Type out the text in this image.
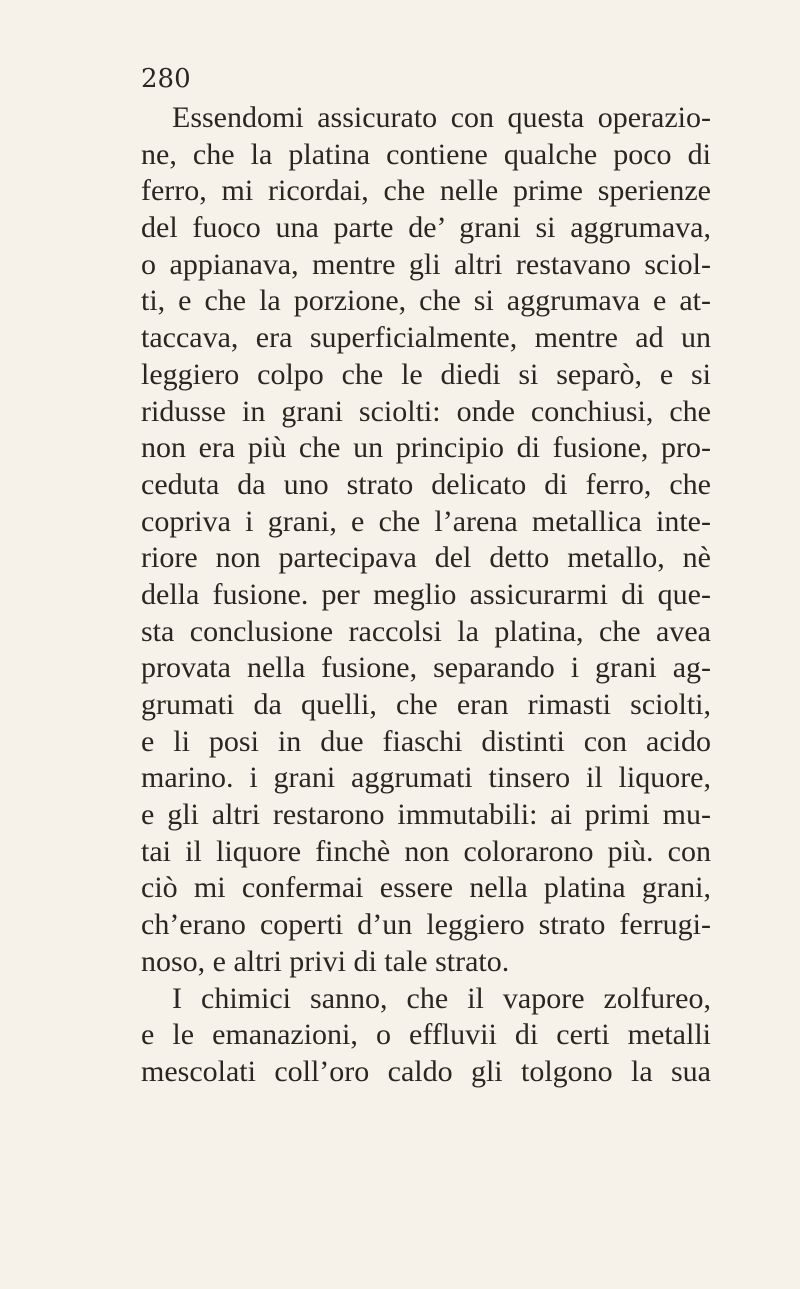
280
Essendomi assicurato con questa operazio-
ne, che la platina contiene qualche poco di
ferro, mi ricordai, che nelle prime sperienze
del fuoco una parte de’ grani si aggrumava,
o appianava, mentre gli altri restavano sciol-
ti, e che la porzione, che si aggrumava e at-
taccava, era superficialmente, mentre ad un
leggiero colpo che le diedi si separò, e si
ridusse in grani sciolti: onde conchiusi, che
non era più che un principio di fusione, pro-
ceduta da uno strato delicato di ferro, che
copriva i grani, e che l’arena metallica inte-
riore non partecipava del detto metallo, nè
della fusione. per meglio assicurarmi di que-
sta conclusione raccolsi la platina, che avea
provata nella fusione, separando i grani ag-
grumati da quelli, che eran rimasti sciolti,
e li posi in due fiaschi distinti con acido
marino. i grani aggrumati tinsero il liquore,
e gli altri restarono immutabili: ai primi mu-
tai il liquore finchè non colorarono più. con
ciò mi confermai essere nella platina grani,
ch’erano coperti d’un leggiero strato ferrugi-
noso, e altri privi di tale strato.
I chimici sanno, che il vapore zolfureo,
e le emanazioni, o effluvii di certi metalli
mescolati coll’oro caldo gli tolgono la sua
